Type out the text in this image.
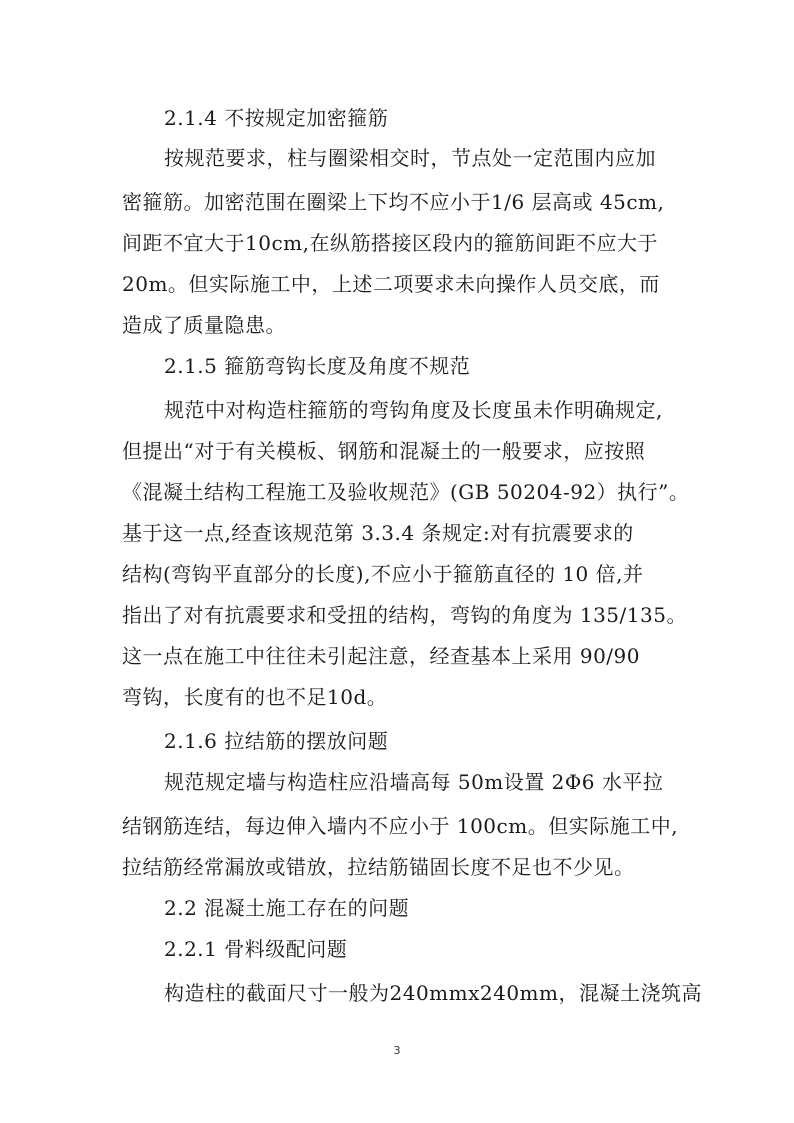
2.1.4 不按规定加密箍筋
按规范要求，柱与圈梁相交时，节点处一定范围内应加
密箍筋。加密范围在圈梁上下均不应小于1/6 层高或 45cm,
间距不宜大于10cm,在纵筋搭接区段内的箍筋间距不应大于
20m。但实际施工中，上述二项要求未向操作人员交底，而
造成了质量隐患。
2.1.5 箍筋弯钩长度及角度不规范
规范中对构造柱箍筋的弯钩角度及长度虽未作明确规定,
但提出“对于有关模板、钢筋和混凝土的一般要求，应按照
《混凝土结构工程施工及验收规范》(GB 50204-92）执行”。
基于这一点,经查该规范第 3.3.4 条规定:对有抗震要求的
结构(弯钩平直部分的长度),不应小于箍筋直径的 10 倍,并
指出了对有抗震要求和受扭的结构，弯钩的角度为 135/135。
这一点在施工中往往未引起注意，经查基本上采用 90/90
弯钩，长度有的也不足10d。
2.1.6 拉结筋的摆放问题
规范规定墙与构造柱应沿墙高每 50m设置 2Φ6 水平拉
结钢筋连结，每边伸入墙内不应小于 100cm。但实际施工中,
拉结筋经常漏放或错放，拉结筋锚固长度不足也不少见。
2.2 混凝土施工存在的问题
2.2.1 骨料级配问题
构造柱的截面尺寸一般为240mmx240mm，混凝土浇筑高
3
